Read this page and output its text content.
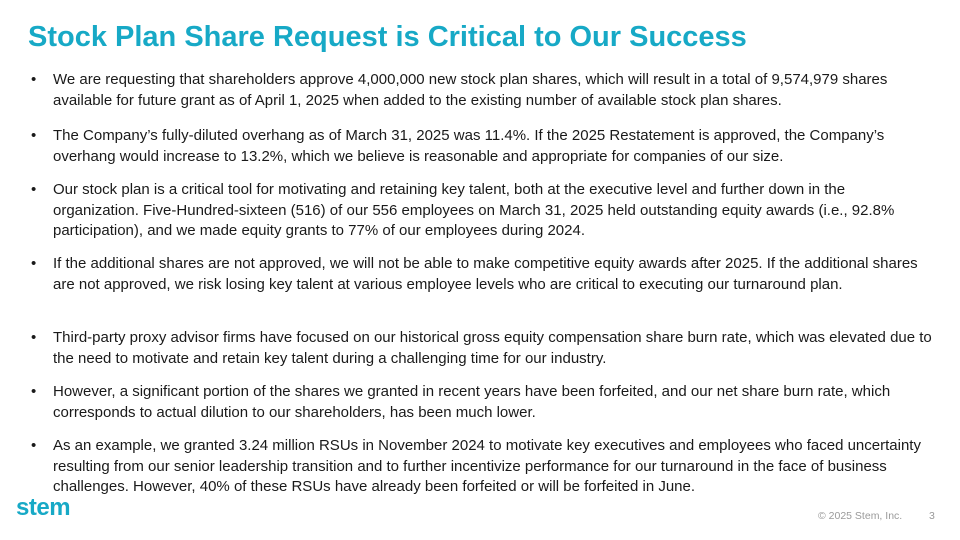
Stock Plan Share Request is Critical to Our Success
• We are requesting that shareholders approve 4,000,000 new stock plan shares, which will result in a total of 9,574,979 shares available for future grant as of April 1, 2025 when added to the existing number of available stock plan shares.
• The Company’s fully-diluted overhang as of March 31, 2025 was 11.4%. If the 2025 Restatement is approved, the Company’s overhang would increase to 13.2%, which we believe is reasonable and appropriate for companies of our size.
• Our stock plan is a critical tool for motivating and retaining key talent, both at the executive level and further down in the organization. Five-Hundred-sixteen (516) of our 556 employees on March 31, 2025 held outstanding equity awards (i.e., 92.8% participation), and we made equity grants to 77% of our employees during 2024.
• If the additional shares are not approved, we will not be able to make competitive equity awards after 2025. If the additional shares are not approved, we risk losing key talent at various employee levels who are critical to executing our turnaround plan.
• Third-party proxy advisor firms have focused on our historical gross equity compensation share burn rate, which was elevated due to the need to motivate and retain key talent during a challenging time for our industry.
• However, a significant portion of the shares we granted in recent years have been forfeited, and our net share burn rate, which corresponds to actual dilution to our shareholders, has been much lower.
• As an example, we granted 3.24 million RSUs in November 2024 to motivate key executives and employees who faced uncertainty resulting from our senior leadership transition and to further incentivize performance for our turnaround in the face of business challenges. However, 40% of these RSUs have already been forfeited or will be forfeited in June.
stem	© 2025 Stem, Inc.	3
